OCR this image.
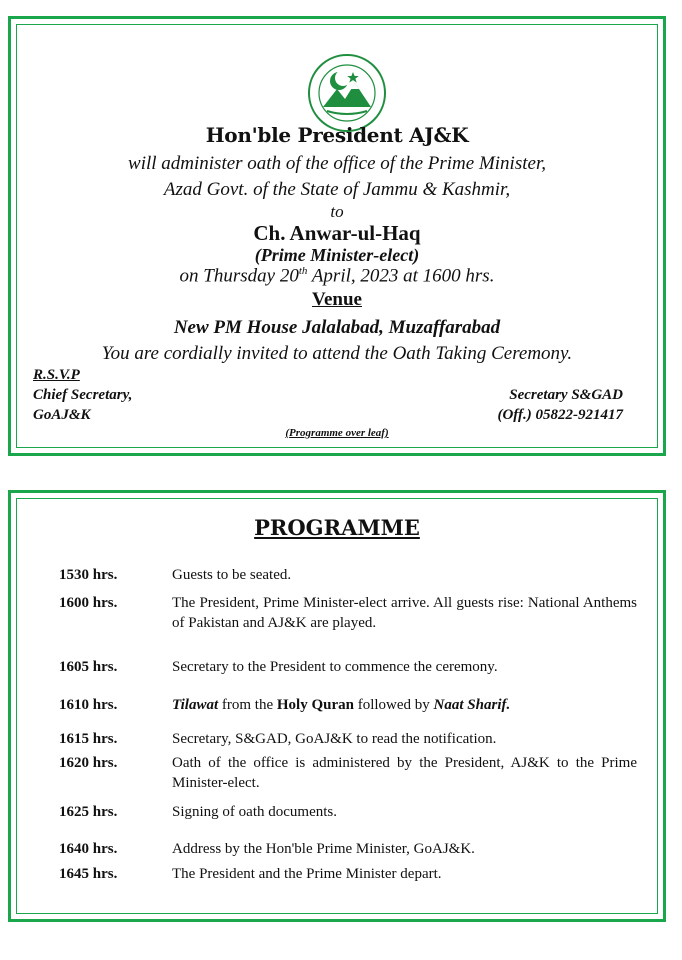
Hon'ble President AJ&K
will administer oath of the office of the Prime Minister,
Azad Govt. of the State of Jammu & Kashmir,
to
Ch. Anwar-ul-Haq
(Prime Minister-elect)
on Thursday 20th April, 2023 at 1600 hrs.
Venue
New PM House Jalalabad, Muzaffarabad
You are cordially invited to attend the Oath Taking Ceremony.
R.S.V.P
Chief Secretary,
GoAJ&K
Secretary S&GAD
(Off.) 05822-921417
(Programme over leaf)
PROGRAMME
1530 hrs.	Guests to be seated.
1600 hrs.	The President, Prime Minister-elect arrive. All guests rise: National Anthems of Pakistan and AJ&K are played.
1605 hrs.	Secretary to the President to commence the ceremony.
1610 hrs.	Tilawat from the Holy Quran followed by Naat Sharif.
1615 hrs.	Secretary, S&GAD, GoAJ&K to read the notification.
1620 hrs.	Oath of the office is administered by the President, AJ&K to the Prime Minister-elect.
1625 hrs.	Signing of oath documents.
1640 hrs.	Address by the Hon'ble Prime Minister, GoAJ&K.
1645 hrs.	The President and the Prime Minister depart.
